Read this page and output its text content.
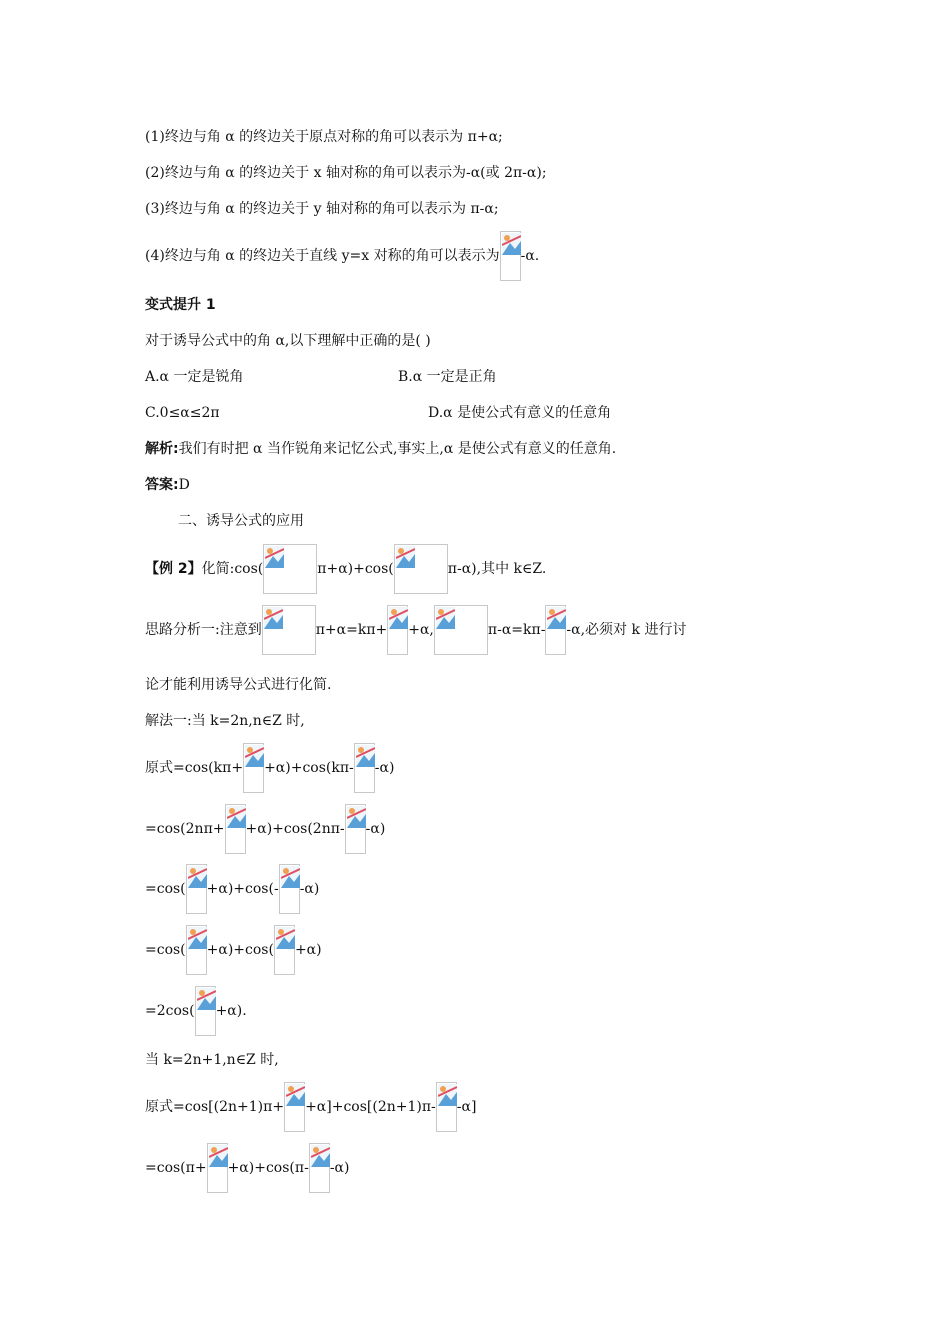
(1)终边与角 α 的终边关于原点对称的角可以表示为 π+α;
(2)终边与角 α 的终边关于 x 轴对称的角可以表示为-α(或 2π-α);
(3)终边与角 α 的终边关于 y 轴对称的角可以表示为 π-α;
(4)终边与角 α 的终边关于直线 y=x 对称的角可以表示为 -α.
变式提升 1
对于诱导公式中的角 α,以下理解中正确的是( )
A.α 一定是锐角	B.α 一定是正角
C.0≤α≤2π	D.α 是使公式有意义的任意角
解析: 我们有时把 α 当作锐角来记忆公式,事实上,α 是使公式有意义的任意角.
答案: D
二、诱导公式的应用
【例 2】 化简:cos(	π+α)+cos(	π-α),其中 k∈Z.
思路分析一:注意到	π+α=kπ+ +α,	π-α=kπ- -α,必须对 k 进行讨
论才能利用诱导公式进行化简.
解法一:当 k=2n,n∈Z 时,
原式=cos(kπ+ +α)+cos(kπ- -α)
=cos(2nπ+ +α)+cos(2nπ- -α)
=cos( +α)+cos(- -α)
=cos( +α)+cos( +α)
=2cos( +α).
当 k=2n+1,n∈Z 时,
原式=cos[(2n+1)π+ +α]+cos[(2n+1)π- -α]
=cos(π+ +α)+cos(π- -α)
